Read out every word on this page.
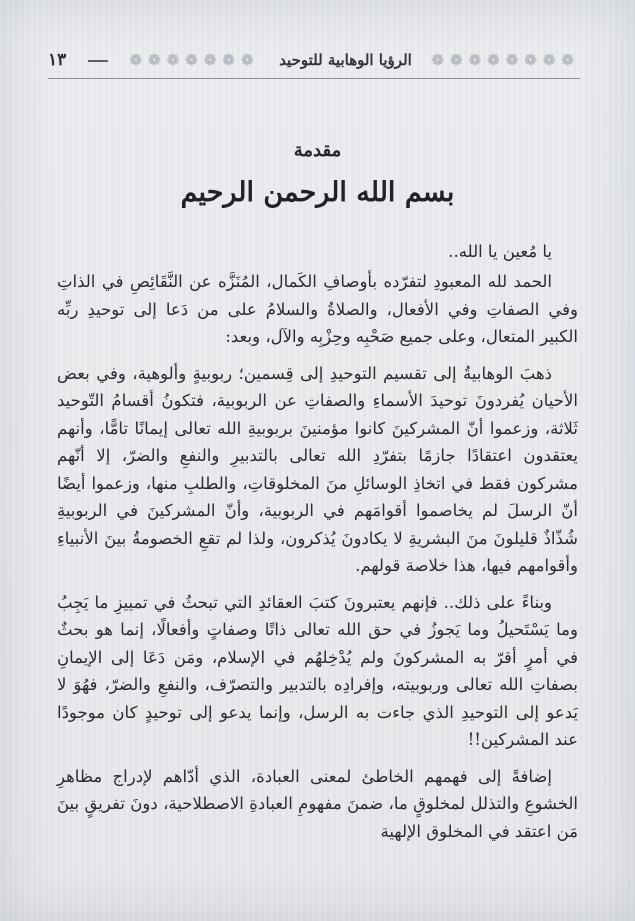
❁❁❁❁❁❁❁❁
الرؤيا الوهابية للتوحيد
❁❁❁❁❁❁❁
١٣
مقدمة
بسم الله الرحمن الرحيم

يا مُعين يا الله..

الحمد لله المعبودِ لتفرّده بأوصافِ الكَمال، المُنَزَّه عن النَّقَائِصِ في الذاتِ وفي الصفاتِ وفي الأفعال، والصلاةُ والسلامُ على من دَعا إلى توحيدِ ربِّه الكبير المتعال، وعلى جميع صَحْبِه وحِزْبِه والآل، وبعد:

ذهبَ الوهابيةُ إلى تقسيم التوحيدِ إلى قِسمين؛ ربوبيةٍ وألوهية، وفي بعض الأحيان يُفردونَ توحيدَ الأسماءِ والصفاتِ عن الربوبية، فتكونُ أقسامُ التّوحيد ثَلاثة، وزعموا أنّ المشركينَ كانوا مؤمنينَ بربوبيةِ الله تعالى إيمانًا تامًّا، وأنهم يعتقدون اعتقادًا جازمًا بتفرّدِ الله تعالى بالتدبيرِ والنفعِ والضرّ، إلا أنّهم مشركون فقط في اتخاذِ الوسائلِ منَ المخلوقاتِ، والطلبِ منها، وزعموا أيضًا أنّ الرسلَ لم يخاصموا أقوامَهم في الربوبية، وأنّ المشركينَ في الربوبيةِ شُذّاذٌ قليلونَ منَ البشريةِ لا يكادونَ يُذكرون، ولذا لم تقعِ الخصومةُ بينَ الأنبياءِ وأقوامهم فيها، هذا خلاصة قولهم.

وبناءً على ذلك.. فإنهم يعتبرونَ كتبَ العقائدِ التي تبحثُ في تمييزِ ما يَجِبُ وما يَسْتَحيلُ وما يَجوزُ في حق الله تعالى ذاتًا وصفاتٍ وأفعالًا، إنما هو بحثٌ في أمرٍ أقرّ به المشركونَ ولم يُدْخِلهُم في الإسلام، ومَن دَعَا إلى الإيمانِ بصفاتِ الله تعالى وربوبيته، وإفرادِه بالتدبير والتصرّف، والنفعِ والضرّ، فهُوَ لا يَدعو إلى التوحيدِ الذي جاءت به الرسل، وإنما يدعو إلى توحيدٍ كان موجودًا عند المشركين!!

إضافةً إلى فهمهم الخاطئ لمعنى العبادة، الذي أدّاهم لإدراج مظاهرِ الخشوعِ والتذلل لمخلوقٍ ما، ضمنَ مفهومِ العبادةِ الاصطلاحية، دونَ تفريقٍ بينَ مَن اعتقد في المخلوق الإلهية
